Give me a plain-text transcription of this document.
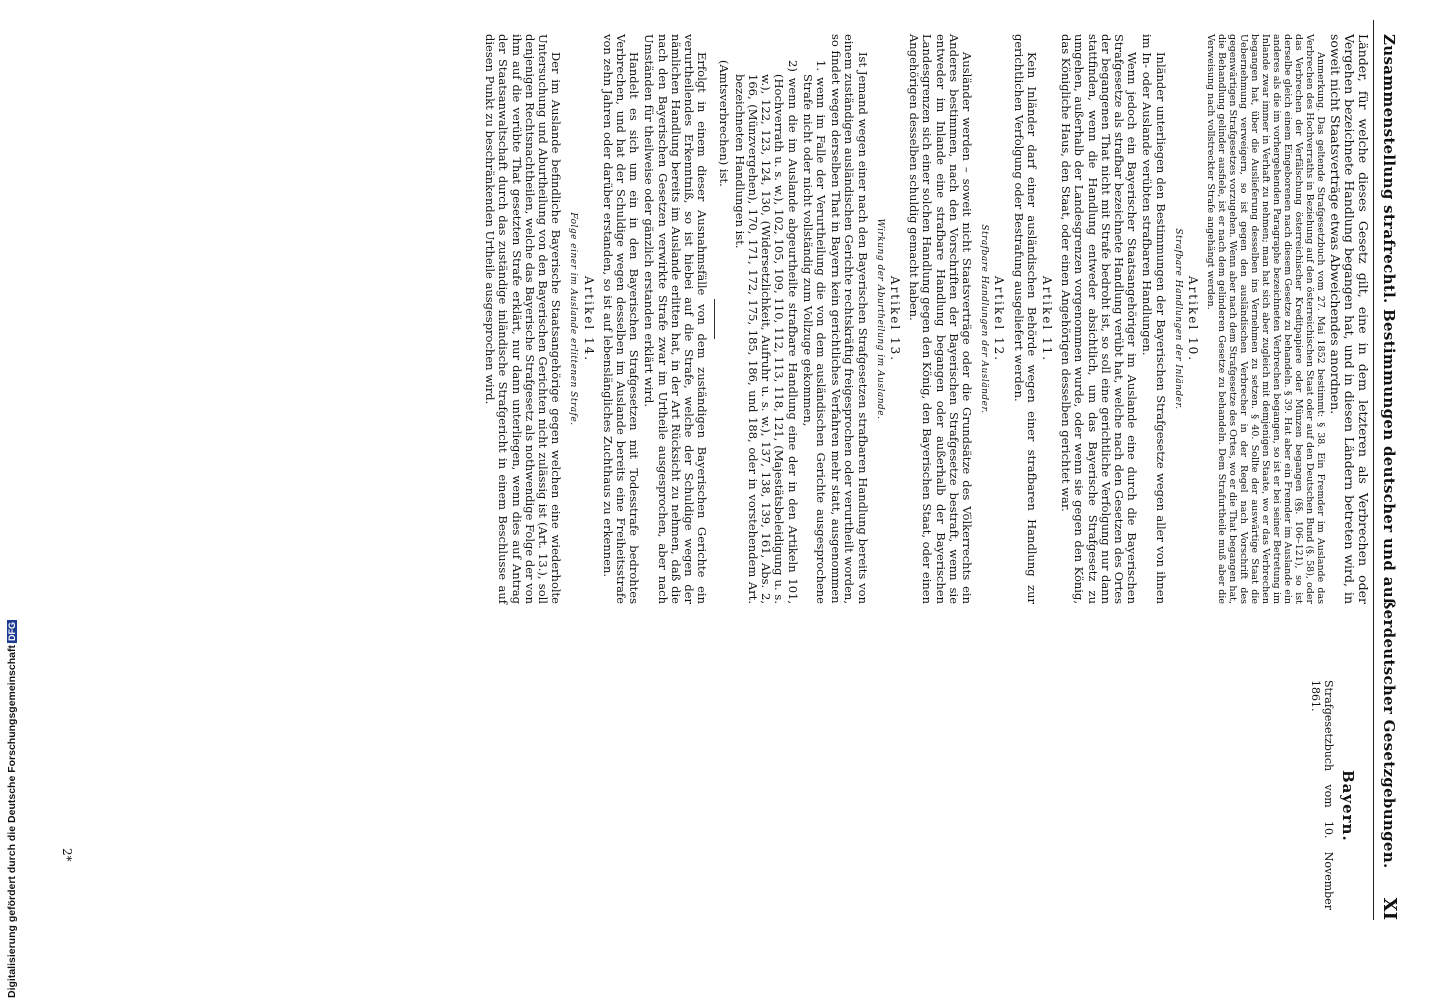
Zusammenstellung strafrechtl. Bestimmungen deutscher und außerdeutscher Gesetzgebungen.
XI

Länder, für welche dieses Gesetz gilt, eine in dem letzteren als Verbrechen oder Vergehen bezeichnete Handlung begangen hat, und in diesen Ländern betreten wird, in soweit nicht Staatsverträge etwas Abweichendes anordnen.

Anmerkung. Das geltende Strafgesetzbuch vom 27. Mai 1852 bestimmt: § 38. Ein Fremder im Auslande das Verbrechen des Hochverraths in Beziehung auf den österreichischen Staat oder auf den Deutschen Bund (§. 58), oder das Verbrechen der Verfälschung österreichischer Kreditpapiere oder Münzen begangen (§§. 106–121), so ist derselbe gleich einem Eingeborenen nach diesem Gesetze zu behandeln. § 39. Hat aber ein Fremder im Auslande ein anderes als die im vorhergehenden Paragraphe bezeichneten Verbrechen begangen, so ist er bei seiner Betretung im Inlande zwar immer in Verhaft zu nehmen; man hat sich aber zugleich mit demjenigen Staate, wo er das Verbrechen begangen hat, über die Auslieferung desselben ins Vernehmen zu setzen. § 40. Sollte der auswärtige Staat die Uebernehmung verweigern, so ist gegen den ausländischen Verbrecher in der Regel nach Vorschrift des gegenwärtigen Strafgesetzes vorzugehen. Wenn aber nach dem Strafgesetze des Ortes, wo er die That begangen hat, die Behandlung gelinder ausfiele, ist er nach dem gelinderen Gesetze zu behandeln. Dem Strafurtheile muß aber die Verweisung nach vollstreckter Strafe angehängt werden.

Artikel 10.
Strafbare Handlungen der Inländer.

Inländer unterliegen den Bestimmungen der Bayerischen Strafgesetze wegen aller von ihnen im In- oder Auslande verübten strafbaren Handlungen.

Wenn jedoch ein Bayerischer Staatsangehöriger im Auslande eine durch die Bayerischen Strafgesetze als strafbar bezeichnete Handlung verübt hat, welche nach den Gesetzen des Ortes der begangenen That nicht mit Strafe bedroht ist, so soll eine gerichtliche Verfolgung nur dann stattfinden, wenn die Handlung entweder absichtlich, um das Bayerische Strafgesetz zu umgehen, außerhalb der Landesgrenzen vorgenommen wurde, oder wenn sie gegen den König, das Königliche Haus, den Staat, oder einen Angehörigen desselben gerichtet war.

Artikel 11.

Kein Inländer darf einer ausländischen Behörde wegen einer strafbaren Handlung zur gerichtlichen Verfolgung oder Bestrafung ausgeliefert werden.

Artikel 12.
Strafbare Handlungen der Ausländer.

Ausländer werden – soweit nicht Staatsverträge oder die Grundsätze des Völkerrechts ein Anderes bestimmen, nach den Vorschriften der Bayerischen Strafgesetze bestraft, wenn sie entweder im Inlande eine strafbare Handlung begangen oder außerhalb der Bayerischen Landesgrenzen sich einer solchen Handlung gegen den König, den Bayerischen Staat, oder einen Angehörigen desselben schuldig gemacht haben.

Artikel 13.
Wirkung der Aburtheilung im Auslande.

Ist Jemand wegen einer nach den Bayerischen Strafgesetzen strafbaren Handlung bereits von einem zuständigen ausländischen Gerichte rechtskräftig freigesprochen oder verurtheilt worden, so findet wegen derselben That in Bayern kein gerichtliches Verfahren mehr statt, ausgenommen

1. wenn im Falle der Verurtheilung die von dem ausländischen Gerichte ausgesprochene Strafe nicht oder nicht vollständig zum Vollzuge gekommen,

2) wenn die im Auslande abgeurtheilte strafbare Handlung eine der in den Artikeln 101, (Hochverrath u. s. w.), 102, 105, 109, 110, 112, 113, 118, 121, (Majestätsbeleidigung u. s. w.), 122, 123, 124, 130, (Widersetzlichkeit, Aufruhr u. s. w.), 137, 138, 139, 161, Abs. 2, 166, (Münzvergehen), 170, 171, 172, 175, 185, 186, und 188, oder in vorstehendem Art. bezeichneten Handlungen ist.

(Amtsverbrechen) ist.

Erfolgt in einem dieser Ausnahmsfälle von dem zuständigen Bayerischen Gerichte ein verurtheilendes Erkenntniß, so ist hiebei auf die Strafe, welche der Schuldige wegen der nämlichen Handlung bereits im Auslande erlitten hat, in der Art Rücksicht zu nehmen, daß die nach den Bayerischen Gesetzen verwirkte Strafe zwar im Urtheile ausgesprochen, aber nach Umständen für theilweise oder gänzlich erstanden erklärt wird.

Handelt es sich um ein in den Bayerischen Strafgesetzen mit Todesstrafe bedrohtes Verbrechen, und hat der Schuldige wegen desselben im Auslande bereits eine Freiheitsstrafe von zehn Jahren oder darüber erstanden, so ist auf lebenslängliches Zuchthaus zu erkennen.

Artikel 14.
Folge einer im Auslande erlittenen Strafe.

Der im Auslande befindliche Bayerische Staatsangehörige gegen welchen eine wiederholte Untersuchung und Aburtheilung von den Bayerischen Gerichten nicht zulässig ist (Art. 13.), soll denjenigen Rechtsnachtheilen, welche das Bayerische Strafgesetz als nothwendige Folge der von ihm auf die verübte That gesetzten Strafe erklärt, nur dann unterliegen, wenn dies auf Antrag der Staatsanwaltschaft durch das zuständige inländische Strafgericht in einem Beschlusse auf diesen Punkt zu beschränkenden Urtheile ausgesprochen wird.

Bayern.
Strafgesetzbuch vom 10. November 1861.
2*
Digitalisierung gefördert durch die Deutsche ForschungsgemeinschaftDFG
